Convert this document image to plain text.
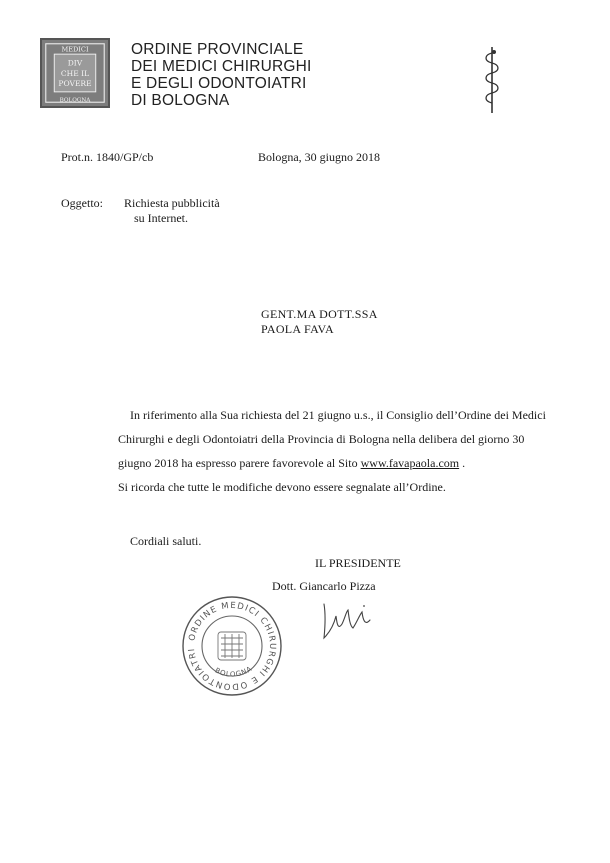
MEDICI
DIV
CHE IL
POVERE
BOLOGNA
ORDINE PROVINCIALE
DEI MEDICI CHIRURGHI
E DEGLI ODONTOIATRI
DI BOLOGNA
Prot.n. 1840/GP/cb	Bologna, 30 giugno 2018
Oggetto: Richiesta pubblicità
su Internet.
GENT.MA DOTT.SSA
PAOLA FAVA

In riferimento alla Sua richiesta del 21 giugno u.s., il Consiglio dell’Ordine dei Medici Chirurghi e degli Odontoiatri della Provincia di Bologna nella delibera del giorno 30 giugno 2018 ha espresso parere favorevole al Sito www.favapaola.com .

Si ricorda che tutte le modifiche devono essere segnalate all’Ordine.

Cordiali saluti.
IL PRESIDENTE
Dott. Giancarlo Pizza
ORDINE MEDICI CHIRURGHI E ODONTOIATRI
BOLOGNA
